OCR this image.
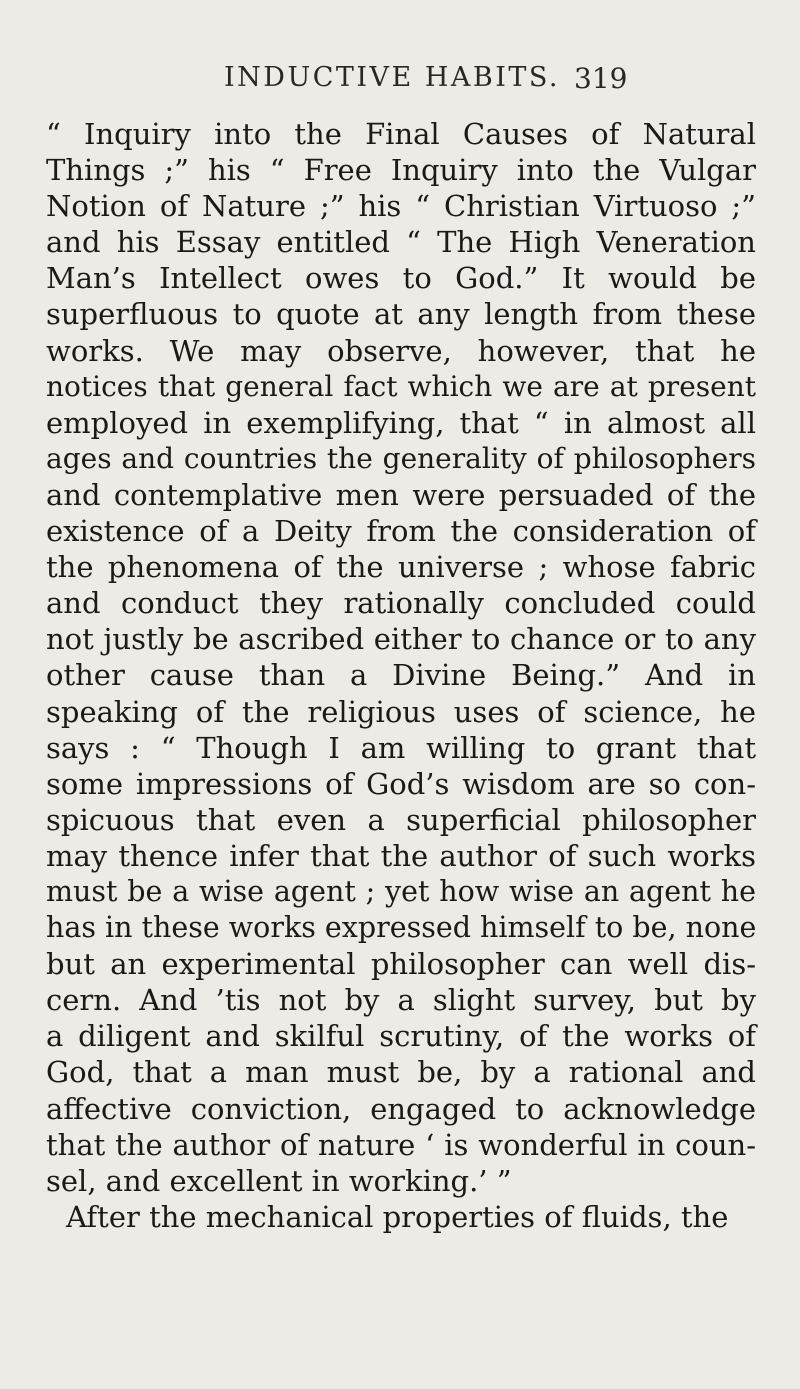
INDUCTIVE HABITS. 319
“ Inquiry into the Final Causes of Natural
Things ;” his “ Free Inquiry into the Vulgar
Notion of Nature ;” his “ Christian Virtuoso ;”
and his Essay entitled “ The High Veneration
Man’s Intellect owes to God.” It would be
superfluous to quote at any length from these
works. We may observe, however, that he
notices that general fact which we are at present
employed in exemplifying, that “ in almost all
ages and countries the generality of philosophers
and contemplative men were persuaded of the
existence of a Deity from the consideration of
the phenomena of the universe ; whose fabric
and conduct they rationally concluded could
not justly be ascribed either to chance or to any
other cause than a Divine Being.” And in
speaking of the religious uses of science, he
says : “ Though I am willing to grant that
some impressions of God’s wisdom are so con-
spicuous that even a superficial philosopher
may thence infer that the author of such works
must be a wise agent ; yet how wise an agent he
has in these works expressed himself to be, none
but an experimental philosopher can well dis-
cern. And ’tis not by a slight survey, but by
a diligent and skilful scrutiny, of the works of
God, that a man must be, by a rational and
affective conviction, engaged to acknowledge
that the author of nature ‘ is wonderful in coun-
sel, and excellent in working.’ ”
After the mechanical properties of fluids, the
